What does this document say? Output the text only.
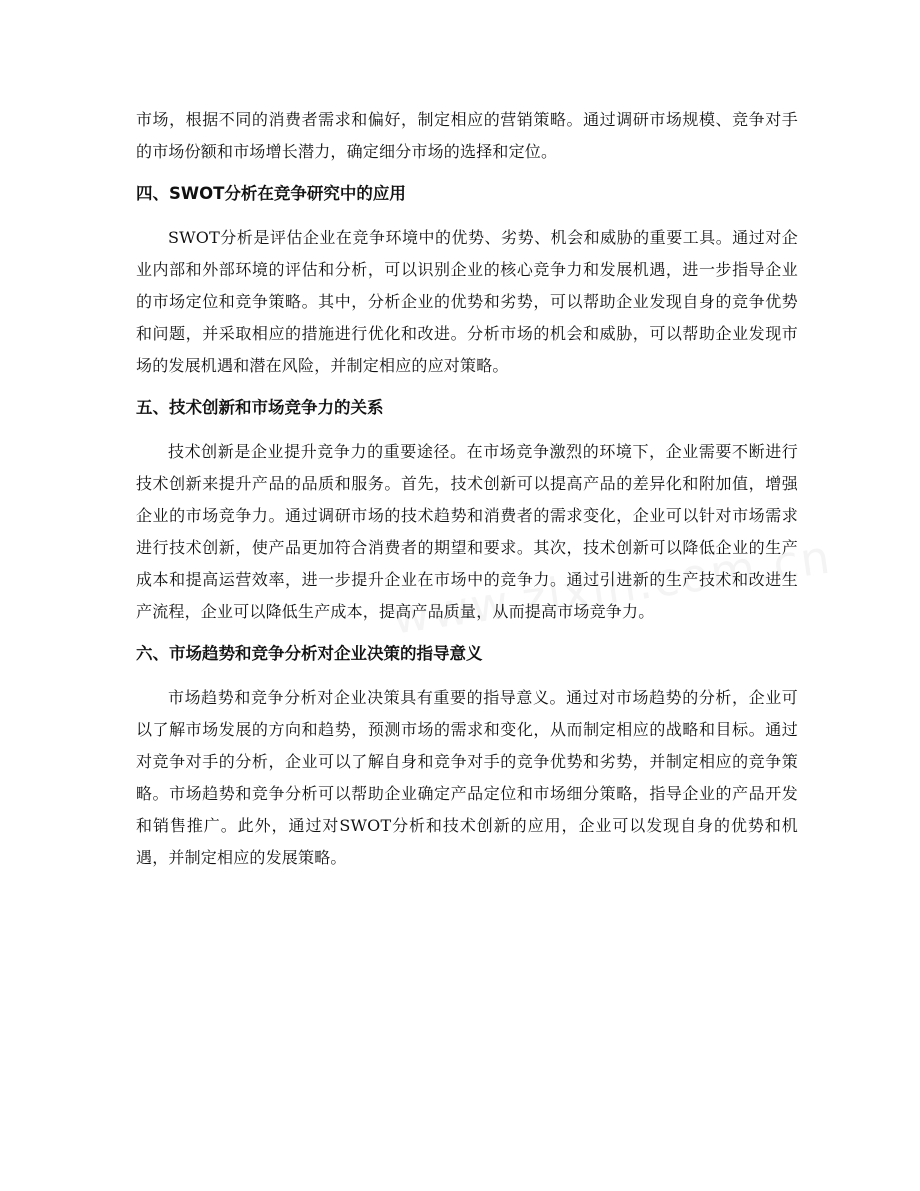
市场，根据不同的消费者需求和偏好，制定相应的营销策略。通过调研市场规模、竞争对手的市场份额和市场增长潜力，确定细分市场的选择和定位。

四、SWOT分析在竞争研究中的应用

SWOT分析是评估企业在竞争环境中的优势、劣势、机会和威胁的重要工具。通过对企业内部和外部环境的评估和分析，可以识别企业的核心竞争力和发展机遇，进一步指导企业的市场定位和竞争策略。其中，分析企业的优势和劣势，可以帮助企业发现自身的竞争优势和问题，并采取相应的措施进行优化和改进。分析市场的机会和威胁，可以帮助企业发现市场的发展机遇和潜在风险，并制定相应的应对策略。

五、技术创新和市场竞争力的关系

技术创新是企业提升竞争力的重要途径。在市场竞争激烈的环境下，企业需要不断进行技术创新来提升产品的品质和服务。首先，技术创新可以提高产品的差异化和附加值，增强企业的市场竞争力。通过调研市场的技术趋势和消费者的需求变化，企业可以针对市场需求进行技术创新，使产品更加符合消费者的期望和要求。其次，技术创新可以降低企业的生产成本和提高运营效率，进一步提升企业在市场中的竞争力。通过引进新的生产技术和改进生产流程，企业可以降低生产成本，提高产品质量，从而提高市场竞争力。

六、市场趋势和竞争分析对企业决策的指导意义

市场趋势和竞争分析对企业决策具有重要的指导意义。通过对市场趋势的分析，企业可以了解市场发展的方向和趋势，预测市场的需求和变化，从而制定相应的战略和目标。通过对竞争对手的分析，企业可以了解自身和竞争对手的竞争优势和劣势，并制定相应的竞争策略。市场趋势和竞争分析可以帮助企业确定产品定位和市场细分策略，指导企业的产品开发和销售推广。此外，通过对SWOT分析和技术创新的应用，企业可以发现自身的优势和机遇，并制定相应的发展策略。
